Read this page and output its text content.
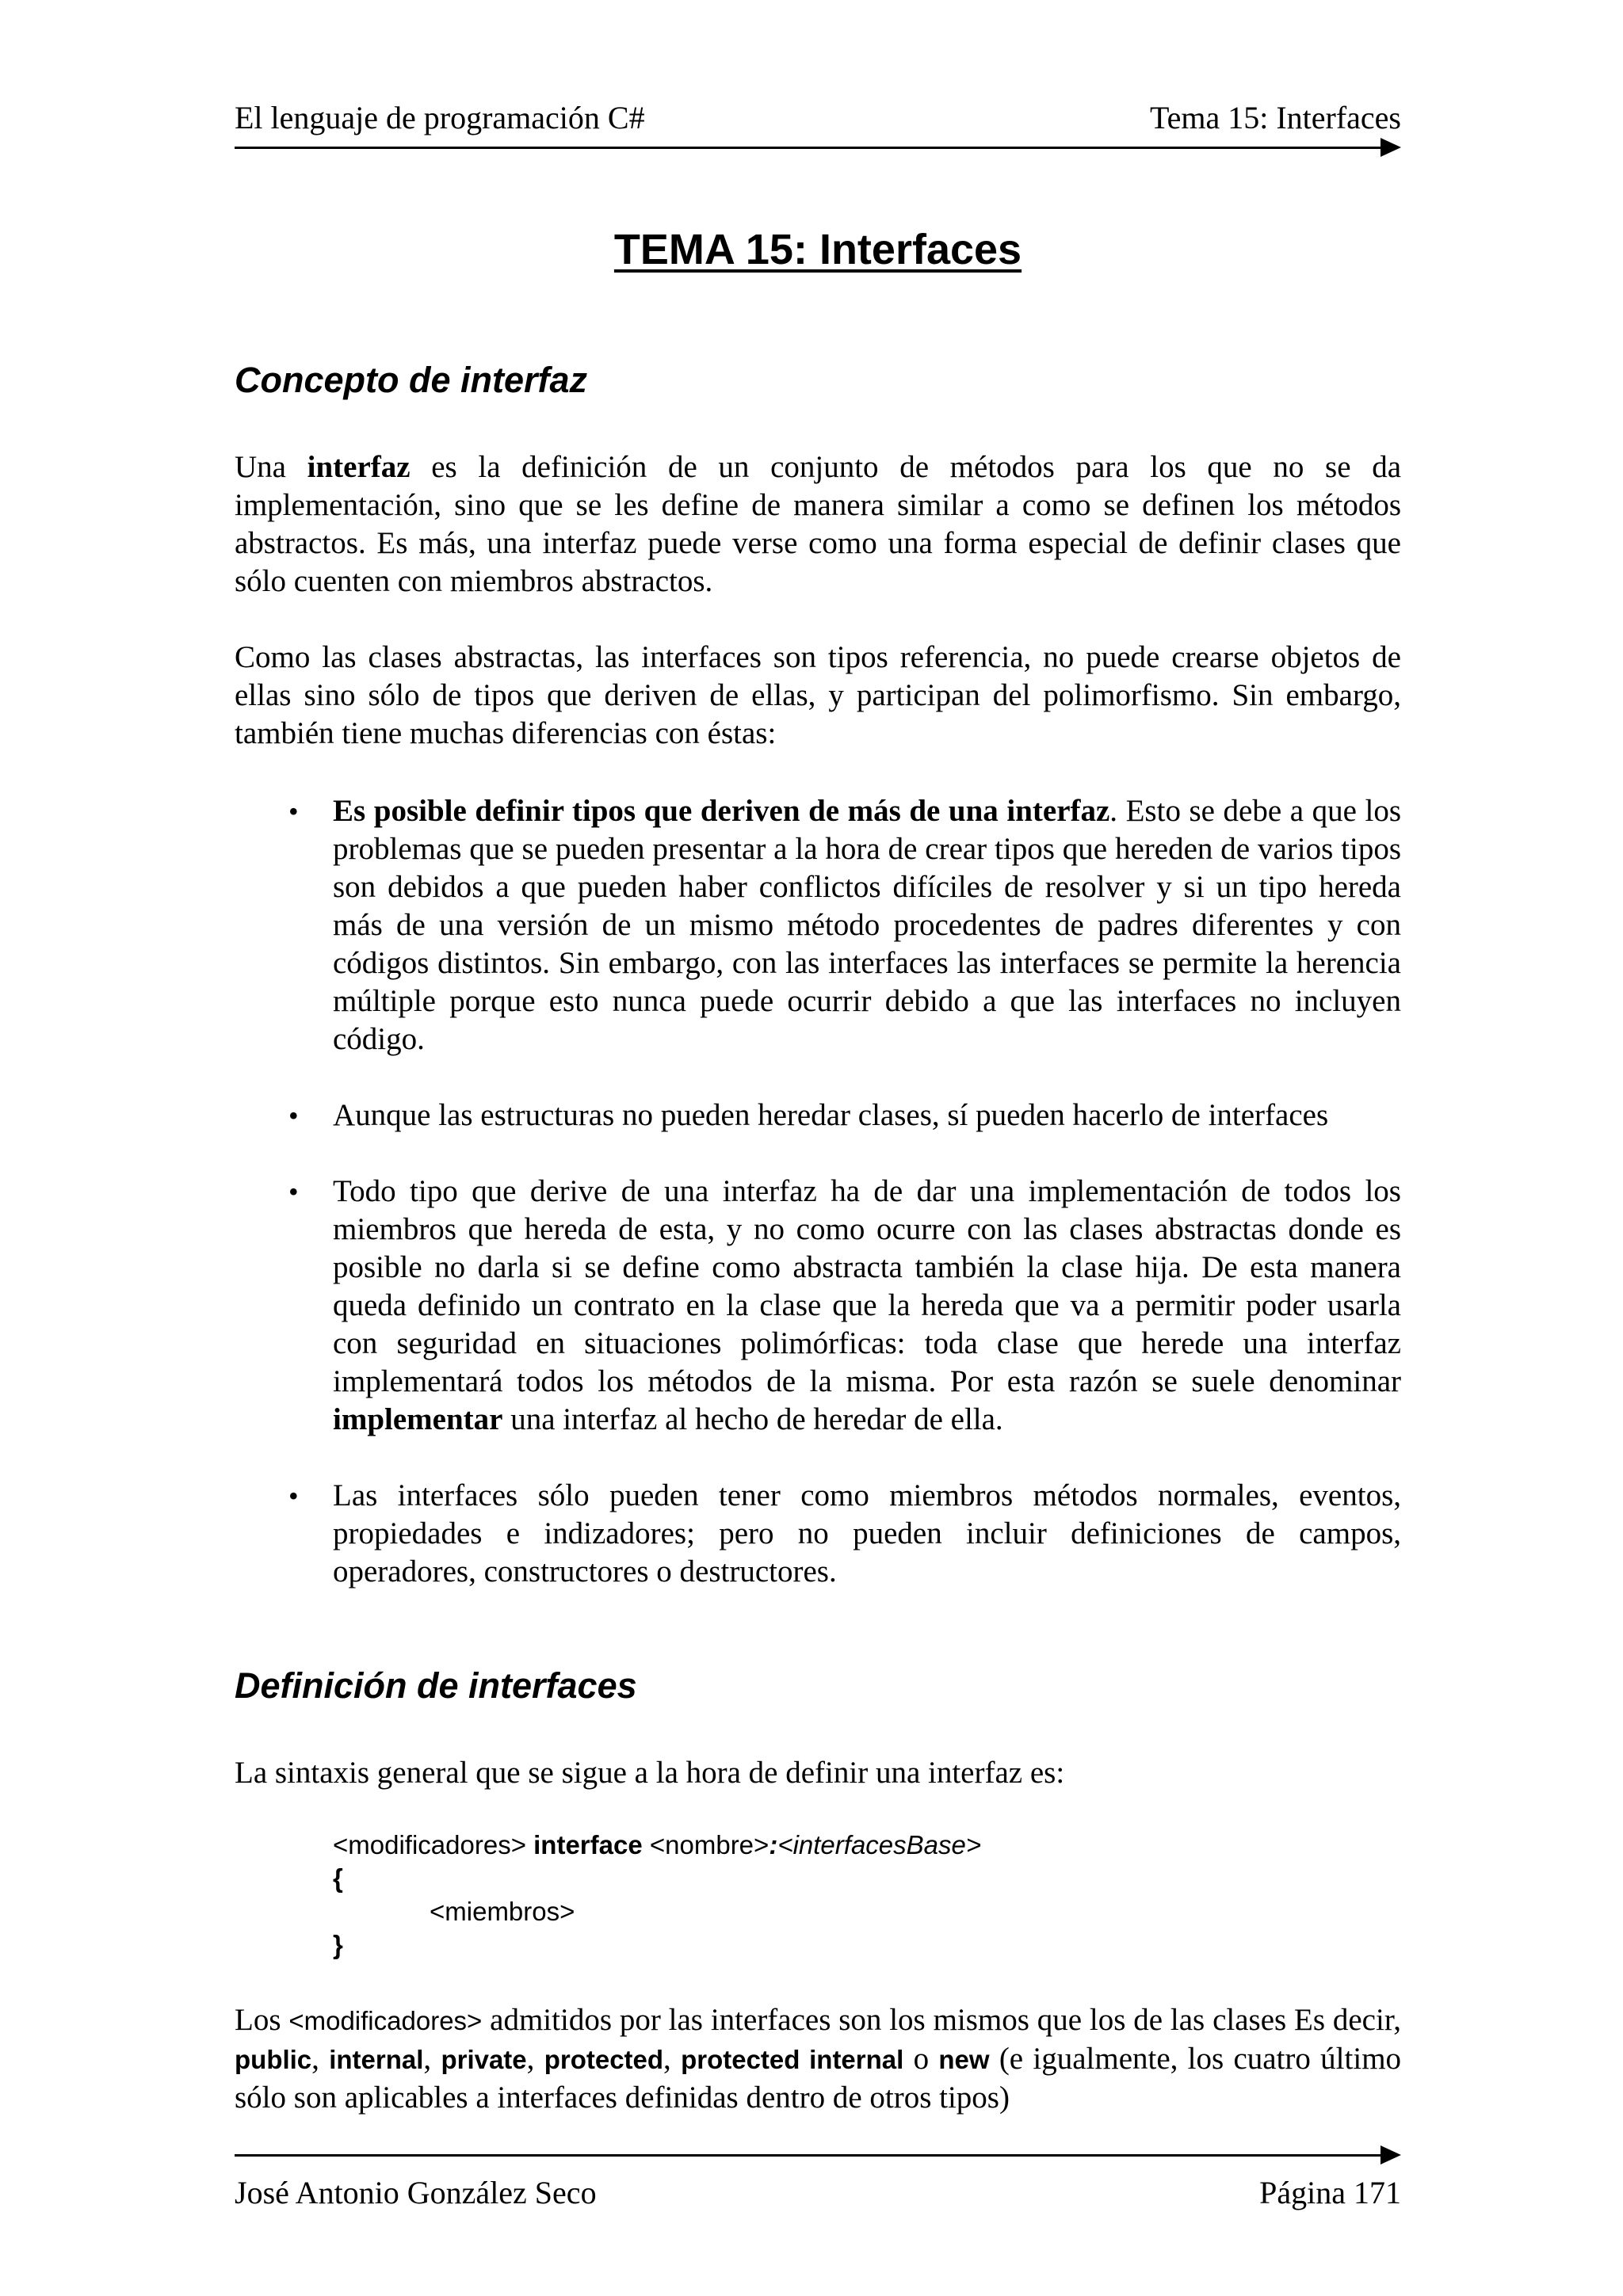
El lenguaje de programación C#	Tema 15: Interfaces
TEMA 15: Interfaces
Concepto de interfaz

Una interfaz es la definición de un conjunto de métodos para los que no se da implementación, sino que se les define de manera similar a como se definen los métodos abstractos. Es más, una interfaz puede verse como una forma especial de definir clases que sólo cuenten con miembros abstractos.

Como las clases abstractas, las interfaces son tipos referencia, no puede crearse objetos de ellas sino sólo de tipos que deriven de ellas, y participan del polimorfismo. Sin embargo, también tiene muchas diferencias con éstas:

• Es posible definir tipos que deriven de más de una interfaz. Esto se debe a que los problemas que se pueden presentar a la hora de crear tipos que hereden de varios tipos son debidos a que pueden haber conflictos difíciles de resolver y si un tipo hereda más de una versión de un mismo método procedentes de padres diferentes y con códigos distintos. Sin embargo, con las interfaces las interfaces se permite la herencia múltiple porque esto nunca puede ocurrir debido a que las interfaces no incluyen código.
• Aunque las estructuras no pueden heredar clases, sí pueden hacerlo de interfaces
• Todo tipo que derive de una interfaz ha de dar una implementación de todos los miembros que hereda de esta, y no como ocurre con las clases abstractas donde es posible no darla si se define como abstracta también la clase hija. De esta manera queda definido un contrato en la clase que la hereda que va a permitir poder usarla con seguridad en situaciones polimórficas: toda clase que herede una interfaz implementará todos los métodos de la misma. Por esta razón se suele denominar implementar una interfaz al hecho de heredar de ella.
• Las interfaces sólo pueden tener como miembros métodos normales, eventos, propiedades e indizadores; pero no pueden incluir definiciones de campos, operadores, constructores o destructores.
Definición de interfaces

La sintaxis general que se sigue a la hora de definir una interfaz es:

<modificadores> interface <nombre>:<interfacesBase>
{
<miembros>
}

Los <modificadores> admitidos por las interfaces son los mismos que los de las clases Es decir, public, internal, private, protected, protected internal o new (e igualmente, los cuatro último sólo son aplicables a interfaces definidas dentro de otros tipos)

José Antonio González Seco	Página 171
